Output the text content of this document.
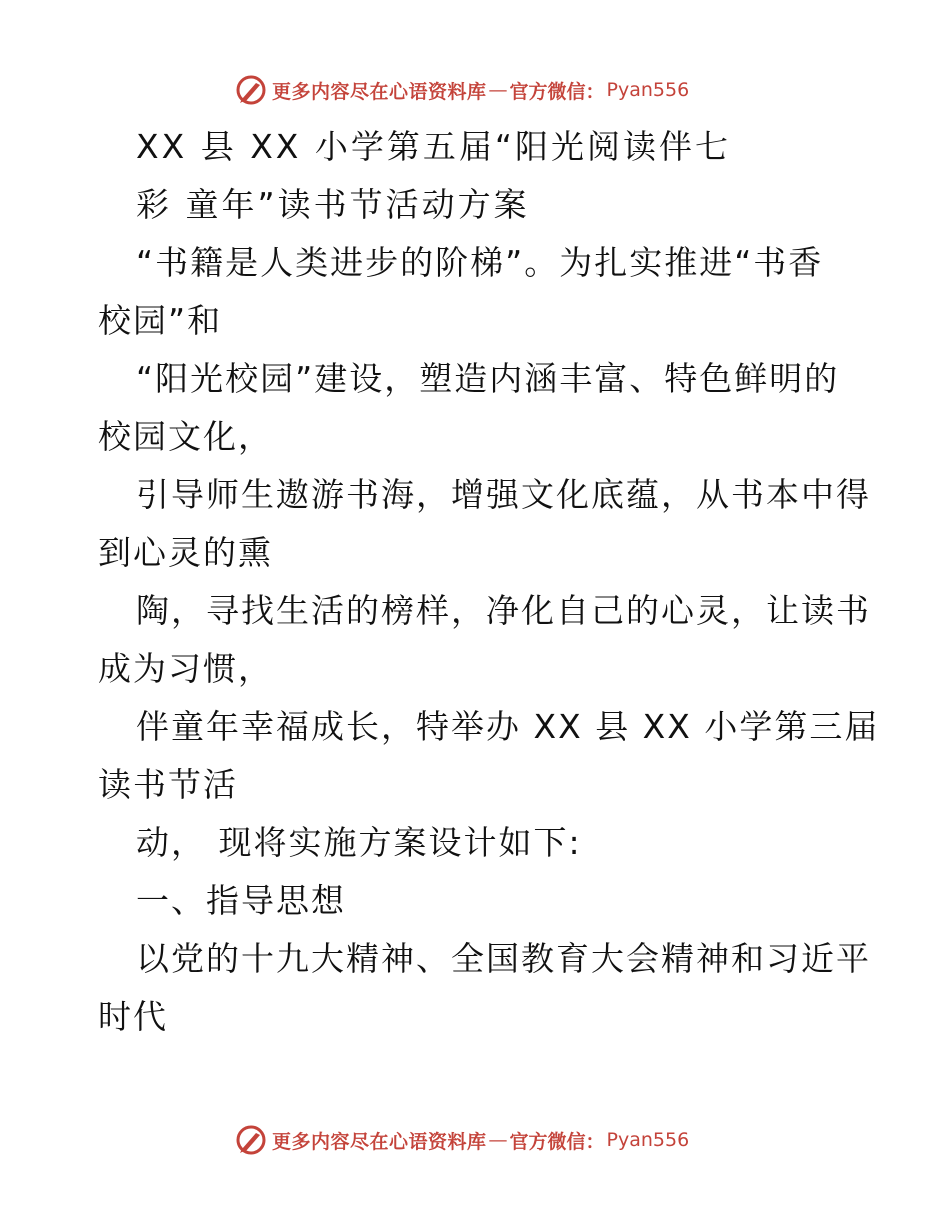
更多内容尽在心语资料库 — 官方微信： Pyan556
XX 县 XX 小学第五届“阳光阅读伴七
彩 童年”读书节活动方案
“书籍是人类进步的阶梯”。为扎实推进“书香
校园”和
“阳光校园”建设，塑造内涵丰富、特色鲜明的
校园文化，
引导师生遨游书海，增强文化底蕴，从书本中得
到心灵的熏
陶，寻找生活的榜样，净化自己的心灵，让读书
成为习惯，
伴童年幸福成长，特举办 XX 县 XX 小学第三届
读书节活
动， 现将实施方案设计如下:
一、指导思想
以党的十九大精神、全国教育大会精神和习近平
时代
更多内容尽在心语资料库 — 官方微信： Pyan556
